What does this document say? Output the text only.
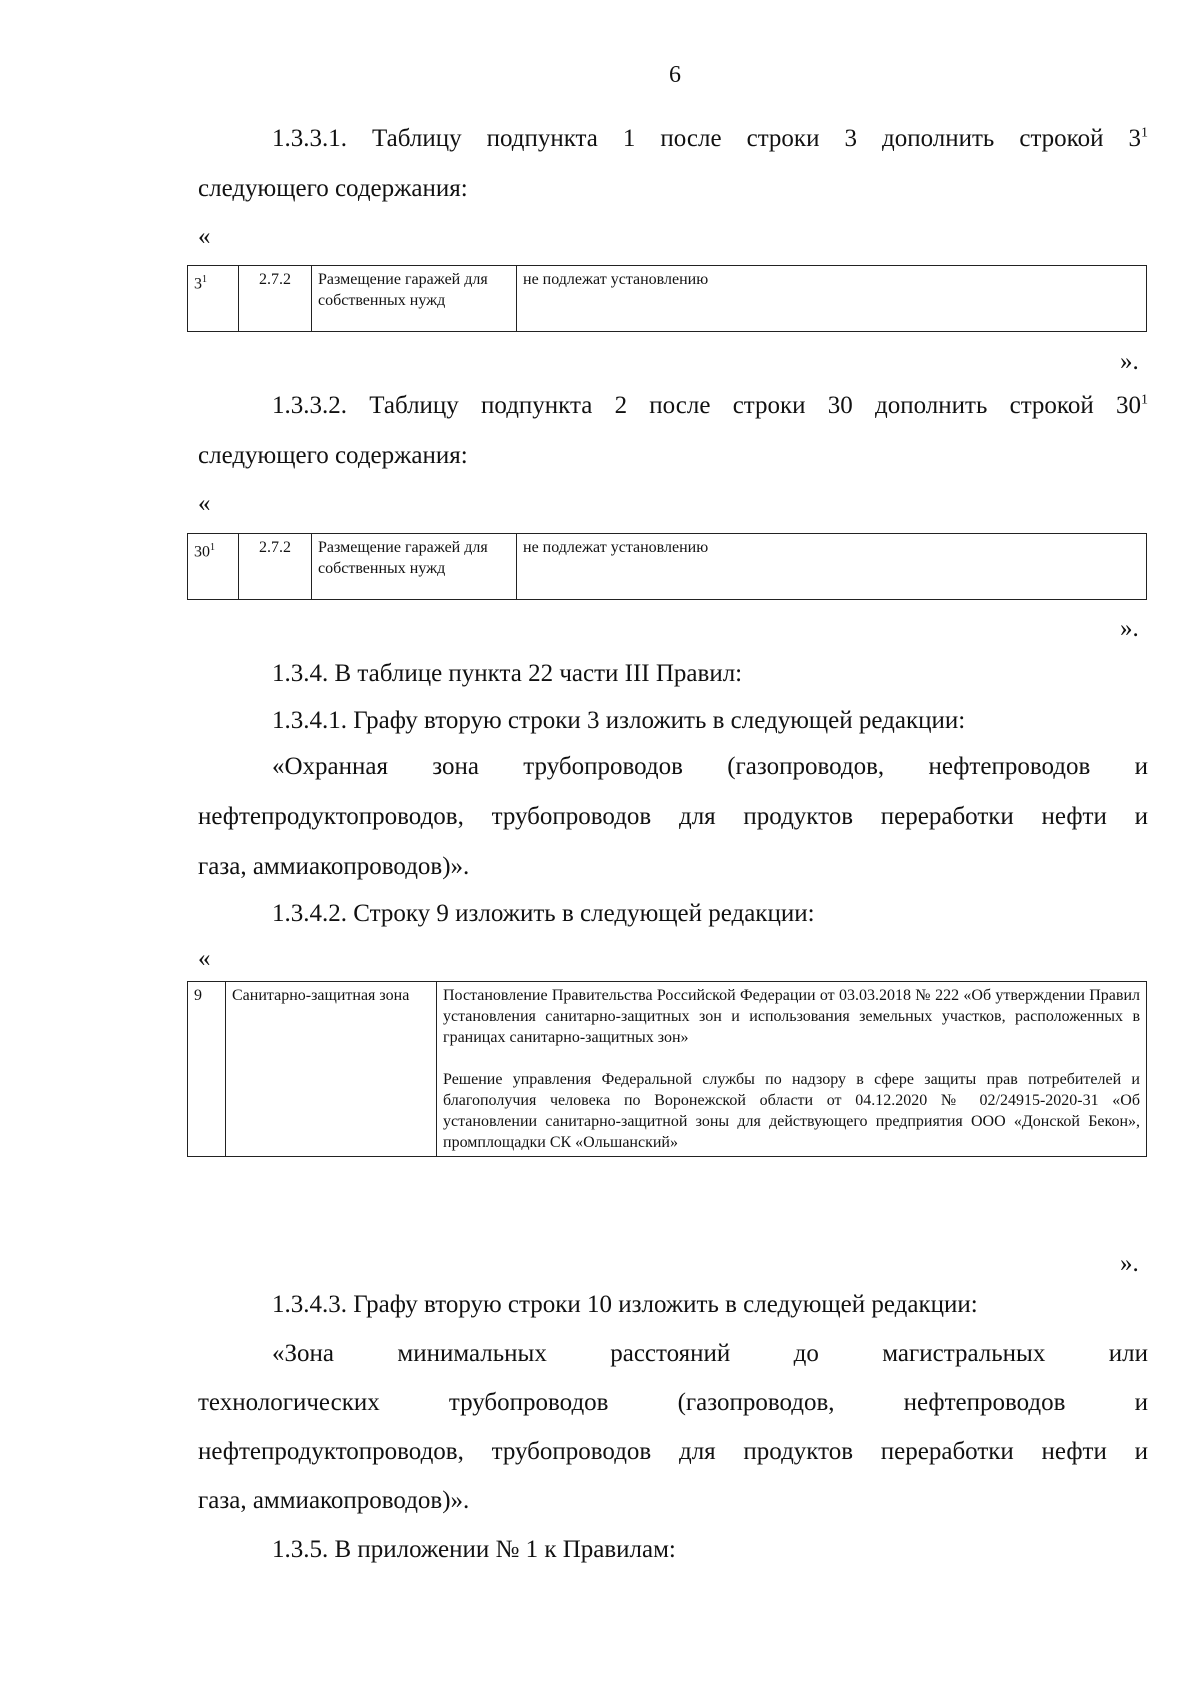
6
1.3.3.1. Таблицу подпункта 1 после строки 3 дополнить строкой $3^1$
следующего содержания:
«
$3^1$	2.7.2	Размещение гаражей для собственных нужд	не подлежат установлению
».
1.3.3.2. Таблицу подпункта 2 после строки 30 дополнить строкой $30^1$
следующего содержания:
«
$30^1$	2.7.2	Размещение гаражей для собственных нужд	не подлежат установлению
».
1.3.4. В таблице пункта 22 части III Правил:
1.3.4.1. Графу вторую строки 3 изложить в следующей редакции:
«Охранная зона трубопроводов (газопроводов, нефтепроводов и
нефтепродуктопроводов, трубопроводов для продуктов переработки нефти и
газа, аммиакопроводов)».
1.3.4.2. Строку 9 изложить в следующей редакции:
«
9	Санитарно-защитная зона	Постановление Правительства Российской Федерации от 03.03.2018 № 222 «Об утверждении Правил установления санитарно-защитных зон и использования земельных участков, расположенных в границах санитарно-защитных зон»
Решение управления Федеральной службы по надзору в сфере защиты прав потребителей и благополучия человека по Воронежской области от 04.12.2020 № 02/24915-2020-31 «Об установлении санитарно-защитной зоны для действующего предприятия ООО «Донской Бекон», промплощадки СК «Ольшанский»
».
1.3.4.3. Графу вторую строки 10 изложить в следующей редакции:
«Зона	минимальных	расстояний	до	магистральных	или
технологических	трубопроводов	(газопроводов,	нефтепроводов	и
нефтепродуктопроводов, трубопроводов для продуктов переработки нефти и
газа, аммиакопроводов)».
1.3.5. В приложении № 1 к Правилам:
